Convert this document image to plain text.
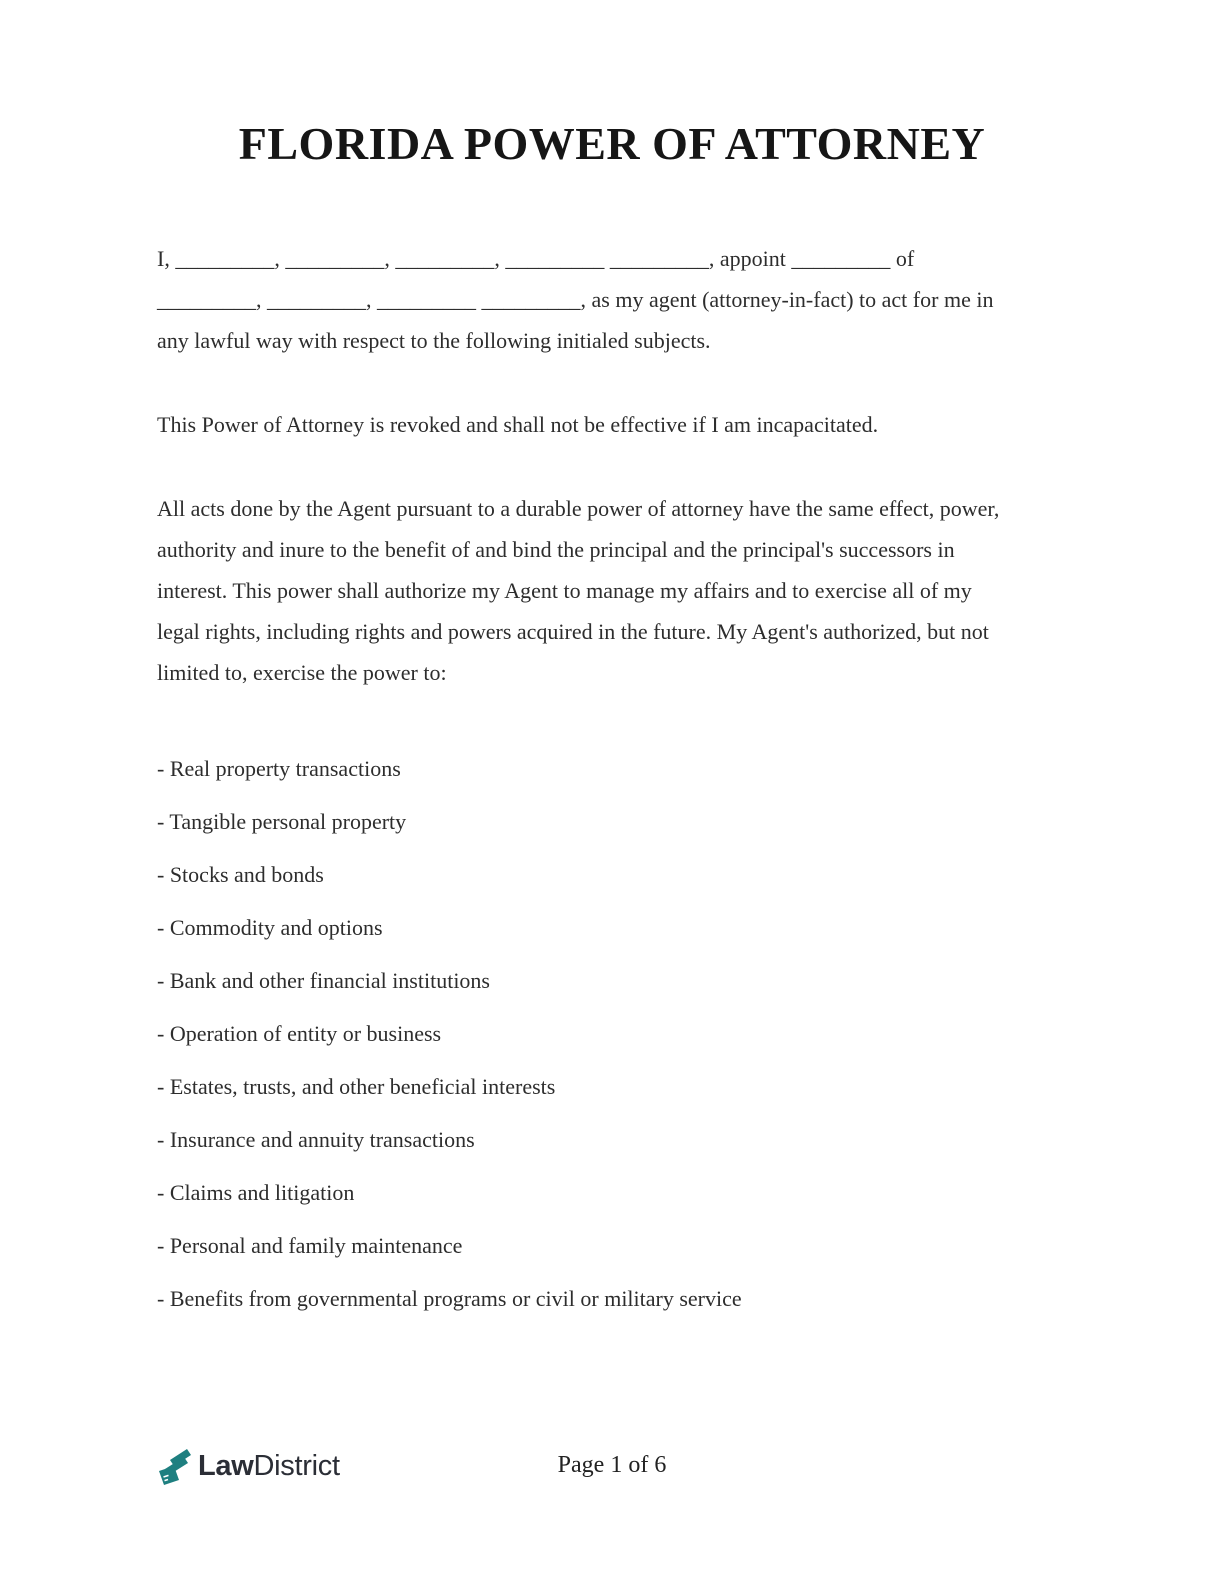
FLORIDA POWER OF ATTORNEY

I, _________, _________, _________, _________ _________, appoint _________ of _________, _________, _________ _________, as my agent (attorney-in-fact) to act for me in any lawful way with respect to the following initialed subjects.

This Power of Attorney is revoked and shall not be effective if I am incapacitated.

All acts done by the Agent pursuant to a durable power of attorney have the same effect, power, authority and inure to the benefit of and bind the principal and the principal's successors in interest. This power shall authorize my Agent to manage my affairs and to exercise all of my legal rights, including rights and powers acquired in the future. My Agent's authorized, but not limited to, exercise the power to:

- Real property transactions
- Tangible personal property
- Stocks and bonds
- Commodity and options
- Bank and other financial institutions
- Operation of entity or business
- Estates, trusts, and other beneficial interests
- Insurance and annuity transactions
- Claims and litigation
- Personal and family maintenance
- Benefits from governmental programs or civil or military service
LawDistrict	Page 1 of 6
